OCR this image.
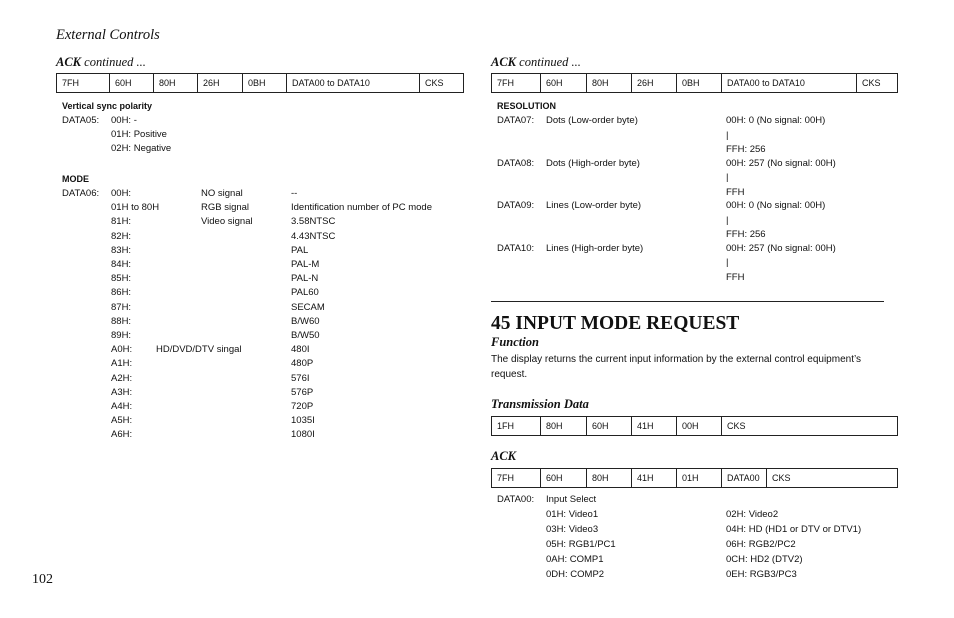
External Controls
ACK continued ...
7FH	60H	80H	26H	0BH	DATA00 to DATA10	CKS
Vertical sync polarity
DATA05: 00H: -
01H: Positive
02H: Negative
MODE
DATA06: 00H:	NO signal	--
01H to 80H	RGB signal	Identification number of PC mode
81H:	Video signal	3.58NTSC
82H:	4.43NTSC
83H:	PAL
84H:	PAL-M
85H:	PAL-N
86H:	PAL60
87H:	SECAM
88H:	B/W60
89H:	B/W50
A0H:	HD/DVD/DTV singal	480I
A1H:	480P
A2H:	576I
A3H:	576P
A4H:	720P
A5H:	1035I
A6H:	1080I
ACK continued ...
7FH	60H	80H	26H	0BH	DATA00 to DATA10	CKS
RESOLUTION
DATA07: Dots (Low-order byte)	00H: 0 (No signal: 00H)
|
FFH: 256
DATA08: Dots (High-order byte)	00H: 257 (No signal: 00H)
|
FFH
DATA09: Lines (Low-order byte)	00H: 0 (No signal: 00H)
|
FFH: 256
DATA10: Lines (High-order byte)	00H: 257 (No signal: 00H)
|
FFH
45 INPUT MODE REQUEST
Function
The display returns the current input information by the external control equipment’s request.
Transmission Data
1FH	80H	60H	41H	00H	CKS
ACK
7FH	60H	80H	41H	01H	DATA00	CKS
DATA00: Input Select
01H: Video1	02H: Video2
03H: Video3	04H: HD (HD1 or DTV or DTV1)
05H: RGB1/PC1	06H: RGB2/PC2
0AH: COMP1	0CH: HD2 (DTV2)
0DH: COMP2	0EH: RGB3/PC3
102
